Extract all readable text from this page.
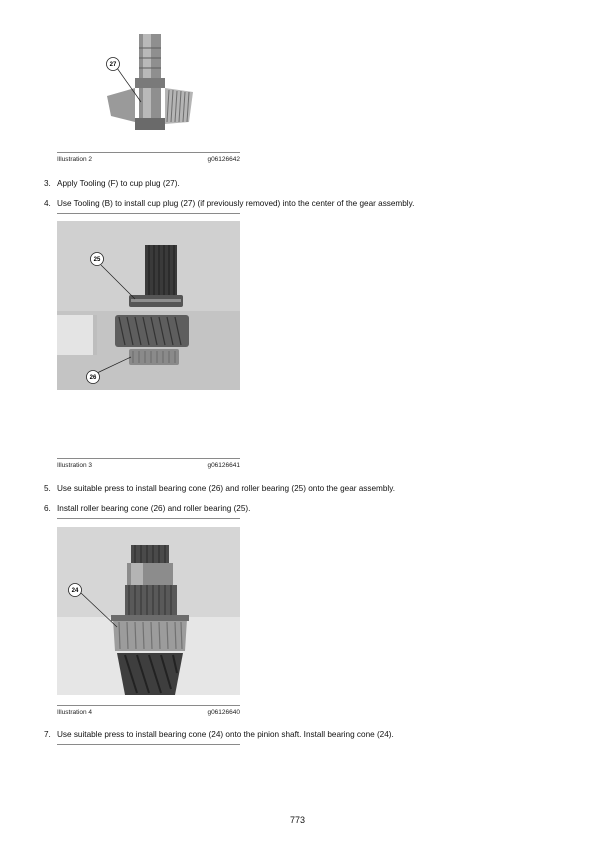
27
Illustration 2	g06126642
3. Apply Tooling (F) to cup plug (27).
4. Use Tooling (B) to install cup plug (27) (if previously removed) into the center of the gear assembly.
25
26
Illustration 3	g06126641
5. Use suitable press to install bearing cone (26) and roller bearing (25) onto the gear assembly.
6. Install roller bearing cone (26) and roller bearing (25).
24
Illustration 4	g06126640
7. Use suitable press to install bearing cone (24) onto the pinion shaft. Install bearing cone (24).
773
